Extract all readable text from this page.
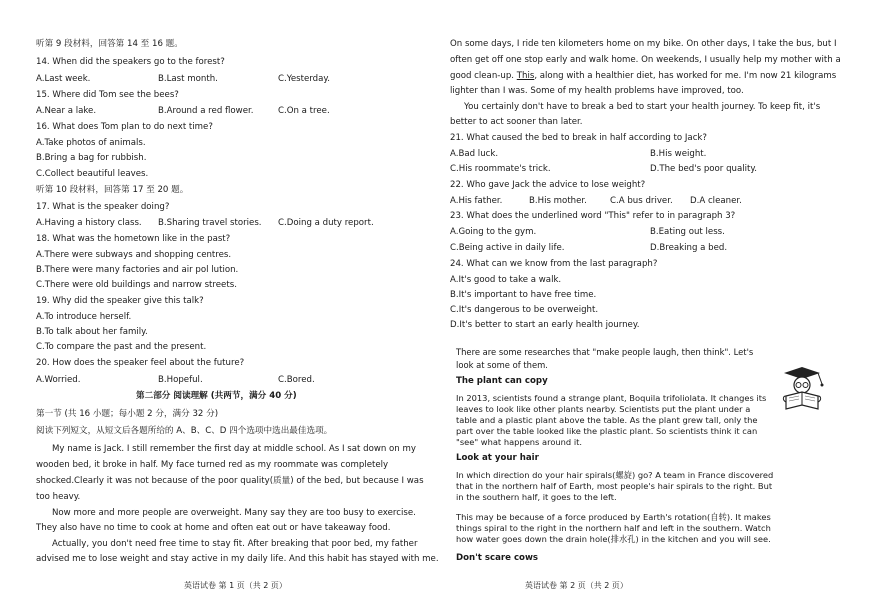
听第 9 段材料，回答第 14 至 16 题。
14. When did the speakers go to the forest?
A.Last week.	B.Last month.	C.Yesterday.
15. Where did Tom see the bees?
A.Near a lake.	B.Around a red flower.	C.On a tree.
16. What does Tom plan to do next time?
A.Take photos of animals.
B.Bring a bag for rubbish.
C.Collect beautiful leaves.
听第 10 段材料，回答第 17 至 20 题。
17. What is the speaker doing?
A.Having a history class. B.Sharing travel stories. C.Doing a duty report.
18. What was the hometown like in the past?
A.There were subways and shopping centres.
B.There were many factories and air pol lution.
C.There were old buildings and narrow streets.
19. Why did the speaker give this talk?
A.To introduce herself.
B.To talk about her family.
C.To compare the past and the present.
20. How does the speaker feel about the future?
A.Worried.	B.Hopeful.	C.Bored.
第二部分 阅读理解 (共两节，满分 40 分)
第一节 (共 16 小题；每小题 2 分，满分 32 分)
阅读下列短文，从短文后各题所给的 A、B、C、D 四个选项中选出最佳选项。
My name is Jack. I still remember the first day at middle school. As I sat down on my
wooden bed, it broke in half. My face turned red as my roommate was completely
shocked.Clearly it was not because of the poor quality(质量) of the bed, but because I was
too heavy.
Now more and more people are overweight. Many say they are too busy to exercise.
They also have no time to cook at home and often eat out or have takeaway food.
Actually, you don't need free time to stay fit. After breaking that poor bed, my father
advised me to lose weight and stay active in my daily life. And this habit has stayed with me.
英语试卷 第 1 页（共 2 页）
On some days, I ride ten kilometers home on my bike. On other days, I take the bus, but I
often get off one stop early and walk home. On weekends, I usually help my mother with a
good clean-up. This, along with a healthier diet, has worked for me. I'm now 21 kilograms
lighter than I was. Some of my health problems have improved, too.
You certainly don't have to break a bed to start your health journey. To keep fit, it's
better to act sooner than later.
21. What caused the bed to break in half according to Jack?
A.Bad luck.	B.His weight.
C.His roommate's trick.	D.The bed's poor quality.
22. Who gave Jack the advice to lose weight?
A.His father.	B.His mother.	C.A bus driver. D.A cleaner.
23. What does the underlined word "This" refer to in paragraph 3?
A.Going to the gym.	B.Eating out less.
C.Being active in daily life.	D.Breaking a bed.
24. What can we know from the last paragraph?
A.It's good to take a walk.
B.It's important to have free time.
C.It's dangerous to be overweight.
D.It's better to start an early health journey.
There are some researches that "make people laugh, then think". Let's look at some of them.
The plant can copy
In 2013, scientists found a strange plant, Boquila trifoliolata. It changes its leaves to look like other plants nearby. Scientists put the plant under a table and a plastic plant above the table. As the plant grew tall, only the part over the table looked like the plastic plant. So scientists think it can "see" what happens around it.
Look at your hair
In which direction do your hair spirals(螺旋) go? A team in France discovered that in the northern half of Earth, most people's hair spirals to the right. But in the southern half, it goes to the left.
This may be because of a force produced by Earth's rotation(自转). It makes things spiral to the right in the northern half and left in the southern. Watch how water goes down the drain hole(排水孔) in the kitchen and you will see.
Don't scare cows
英语试卷 第 2 页（共 2 页）
